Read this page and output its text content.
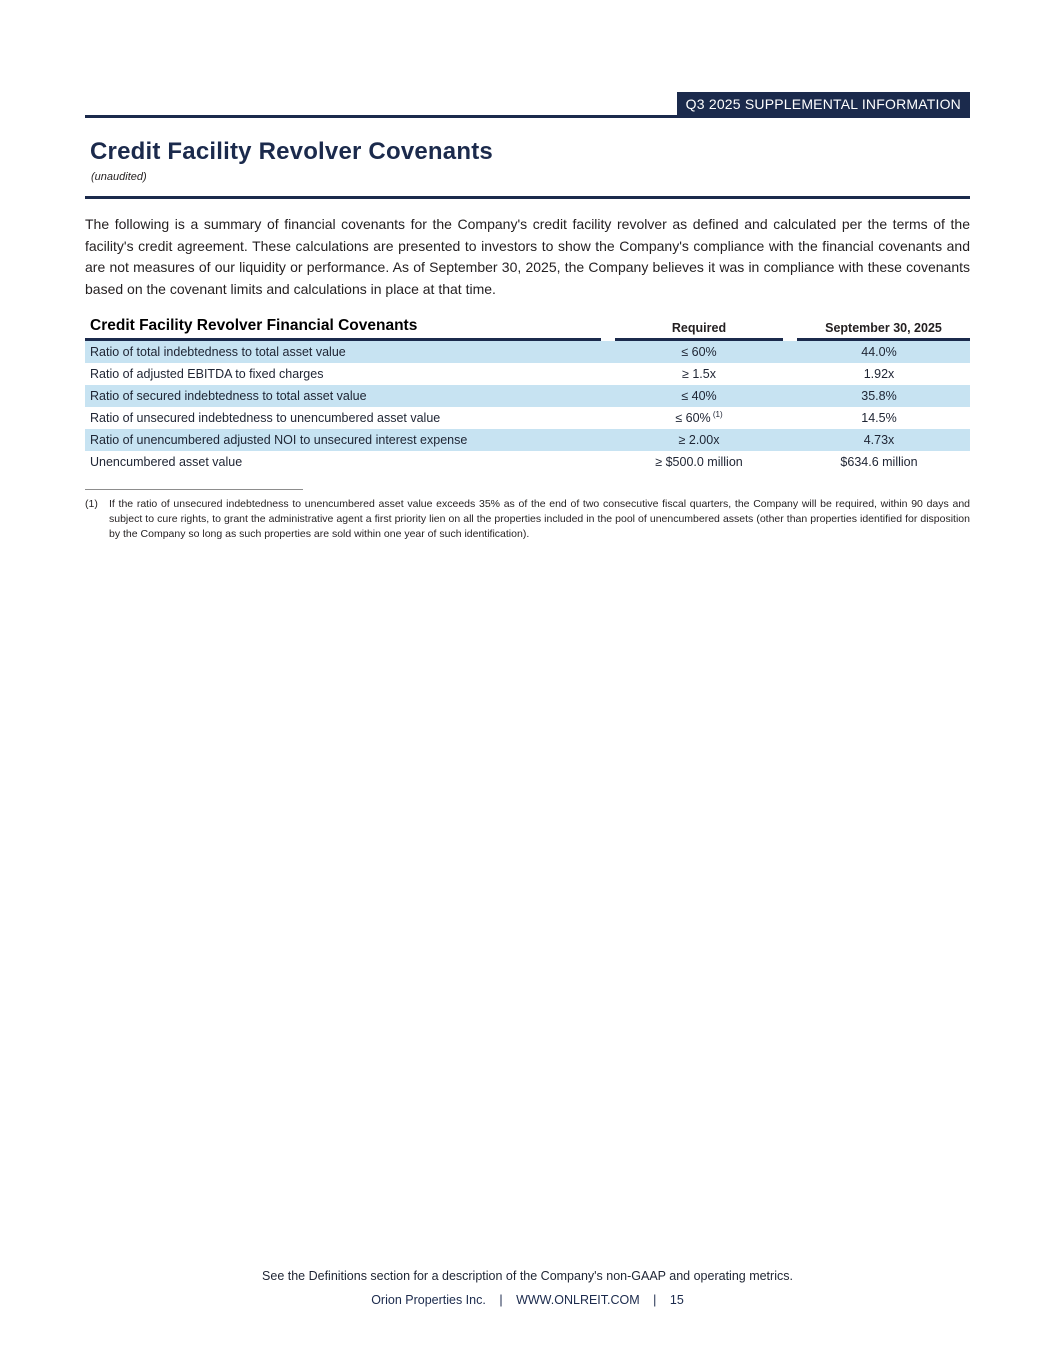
Q3 2025 SUPPLEMENTAL INFORMATION
Credit Facility Revolver Covenants
(unaudited)

The following is a summary of financial covenants for the Company's credit facility revolver as defined and calculated per the terms of the facility's credit agreement. These calculations are presented to investors to show the Company's compliance with the financial covenants and are not measures of our liquidity or performance. As of September 30, 2025, the Company believes it was in compliance with these covenants based on the covenant limits and calculations in place at that time.

Credit Facility Revolver Financial Covenants	Required	September 30, 2025
Ratio of total indebtedness to total asset value	≤ 60%	44.0%
Ratio of adjusted EBITDA to fixed charges	≥ 1.5x	1.92x
Ratio of secured indebtedness to total asset value	≤ 40%	35.8%
Ratio of unsecured indebtedness to unencumbered asset value	≤ 60% $^{(1)}$	14.5%
Ratio of unencumbered adjusted NOI to unsecured interest expense	≥ 2.00x	4.73x
Unencumbered asset value	≥ $500.0 million	$634.6 million
(1)	If the ratio of unsecured indebtedness to unencumbered asset value exceeds 35% as of the end of two consecutive fiscal quarters, the Company will be required, within 90 days and subject to cure rights, to grant the administrative agent a first priority lien on all the properties included in the pool of unencumbered assets (other than properties identified for disposition by the Company so long as such properties are sold within one year of such identification).
See the Definitions section for a description of the Company's non-GAAP and operating metrics.
Orion Properties Inc. | WWW.ONLREIT.COM | 15
